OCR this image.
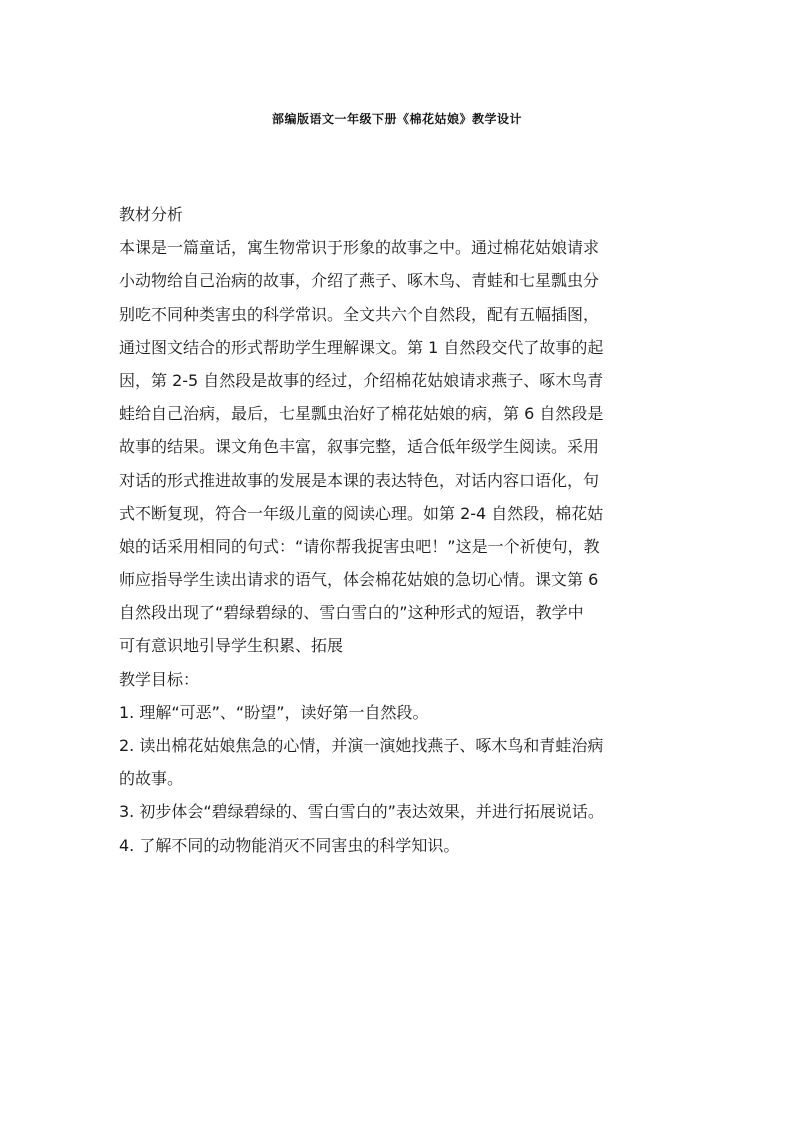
部编版语文一年级下册《棉花姑娘》教学设计
教材分析
本课是一篇童话，寓生物常识于形象的故事之中。通过棉花姑娘请求
小动物给自己治病的故事，介绍了燕子、啄木鸟、青蛙和七星瓢虫分
别吃不同种类害虫的科学常识。全文共六个自然段，配有五幅插图，
通过图文结合的形式帮助学生理解课文。第 1 自然段交代了故事的起
因，第 2-5 自然段是故事的经过，介绍棉花姑娘请求燕子、啄木鸟青
蛙给自己治病，最后，七星瓢虫治好了棉花姑娘的病，第 6 自然段是
故事的结果。课文角色丰富，叙事完整，适合低年级学生阅读。采用
对话的形式推进故事的发展是本课的表达特色，对话内容口语化，句
式不断复现，符合一年级儿童的阅读心理。如第 2-4 自然段，棉花姑
娘的话采用相同的句式：“请你帮我捉害虫吧！”这是一个祈使句，教
师应指导学生读出请求的语气，体会棉花姑娘的急切心情。课文第 6
自然段出现了“碧绿碧绿的、雪白雪白的”这种形式的短语，教学中
可有意识地引导学生积累、拓展
教学目标：
1. 理解“可恶”、“盼望”，读好第一自然段。
2. 读出棉花姑娘焦急的心情，并演一演她找燕子、啄木鸟和青蛙治病
的故事。
3. 初步体会“碧绿碧绿的、雪白雪白的”表达效果，并进行拓展说话。
4. 了解不同的动物能消灭不同害虫的科学知识。
